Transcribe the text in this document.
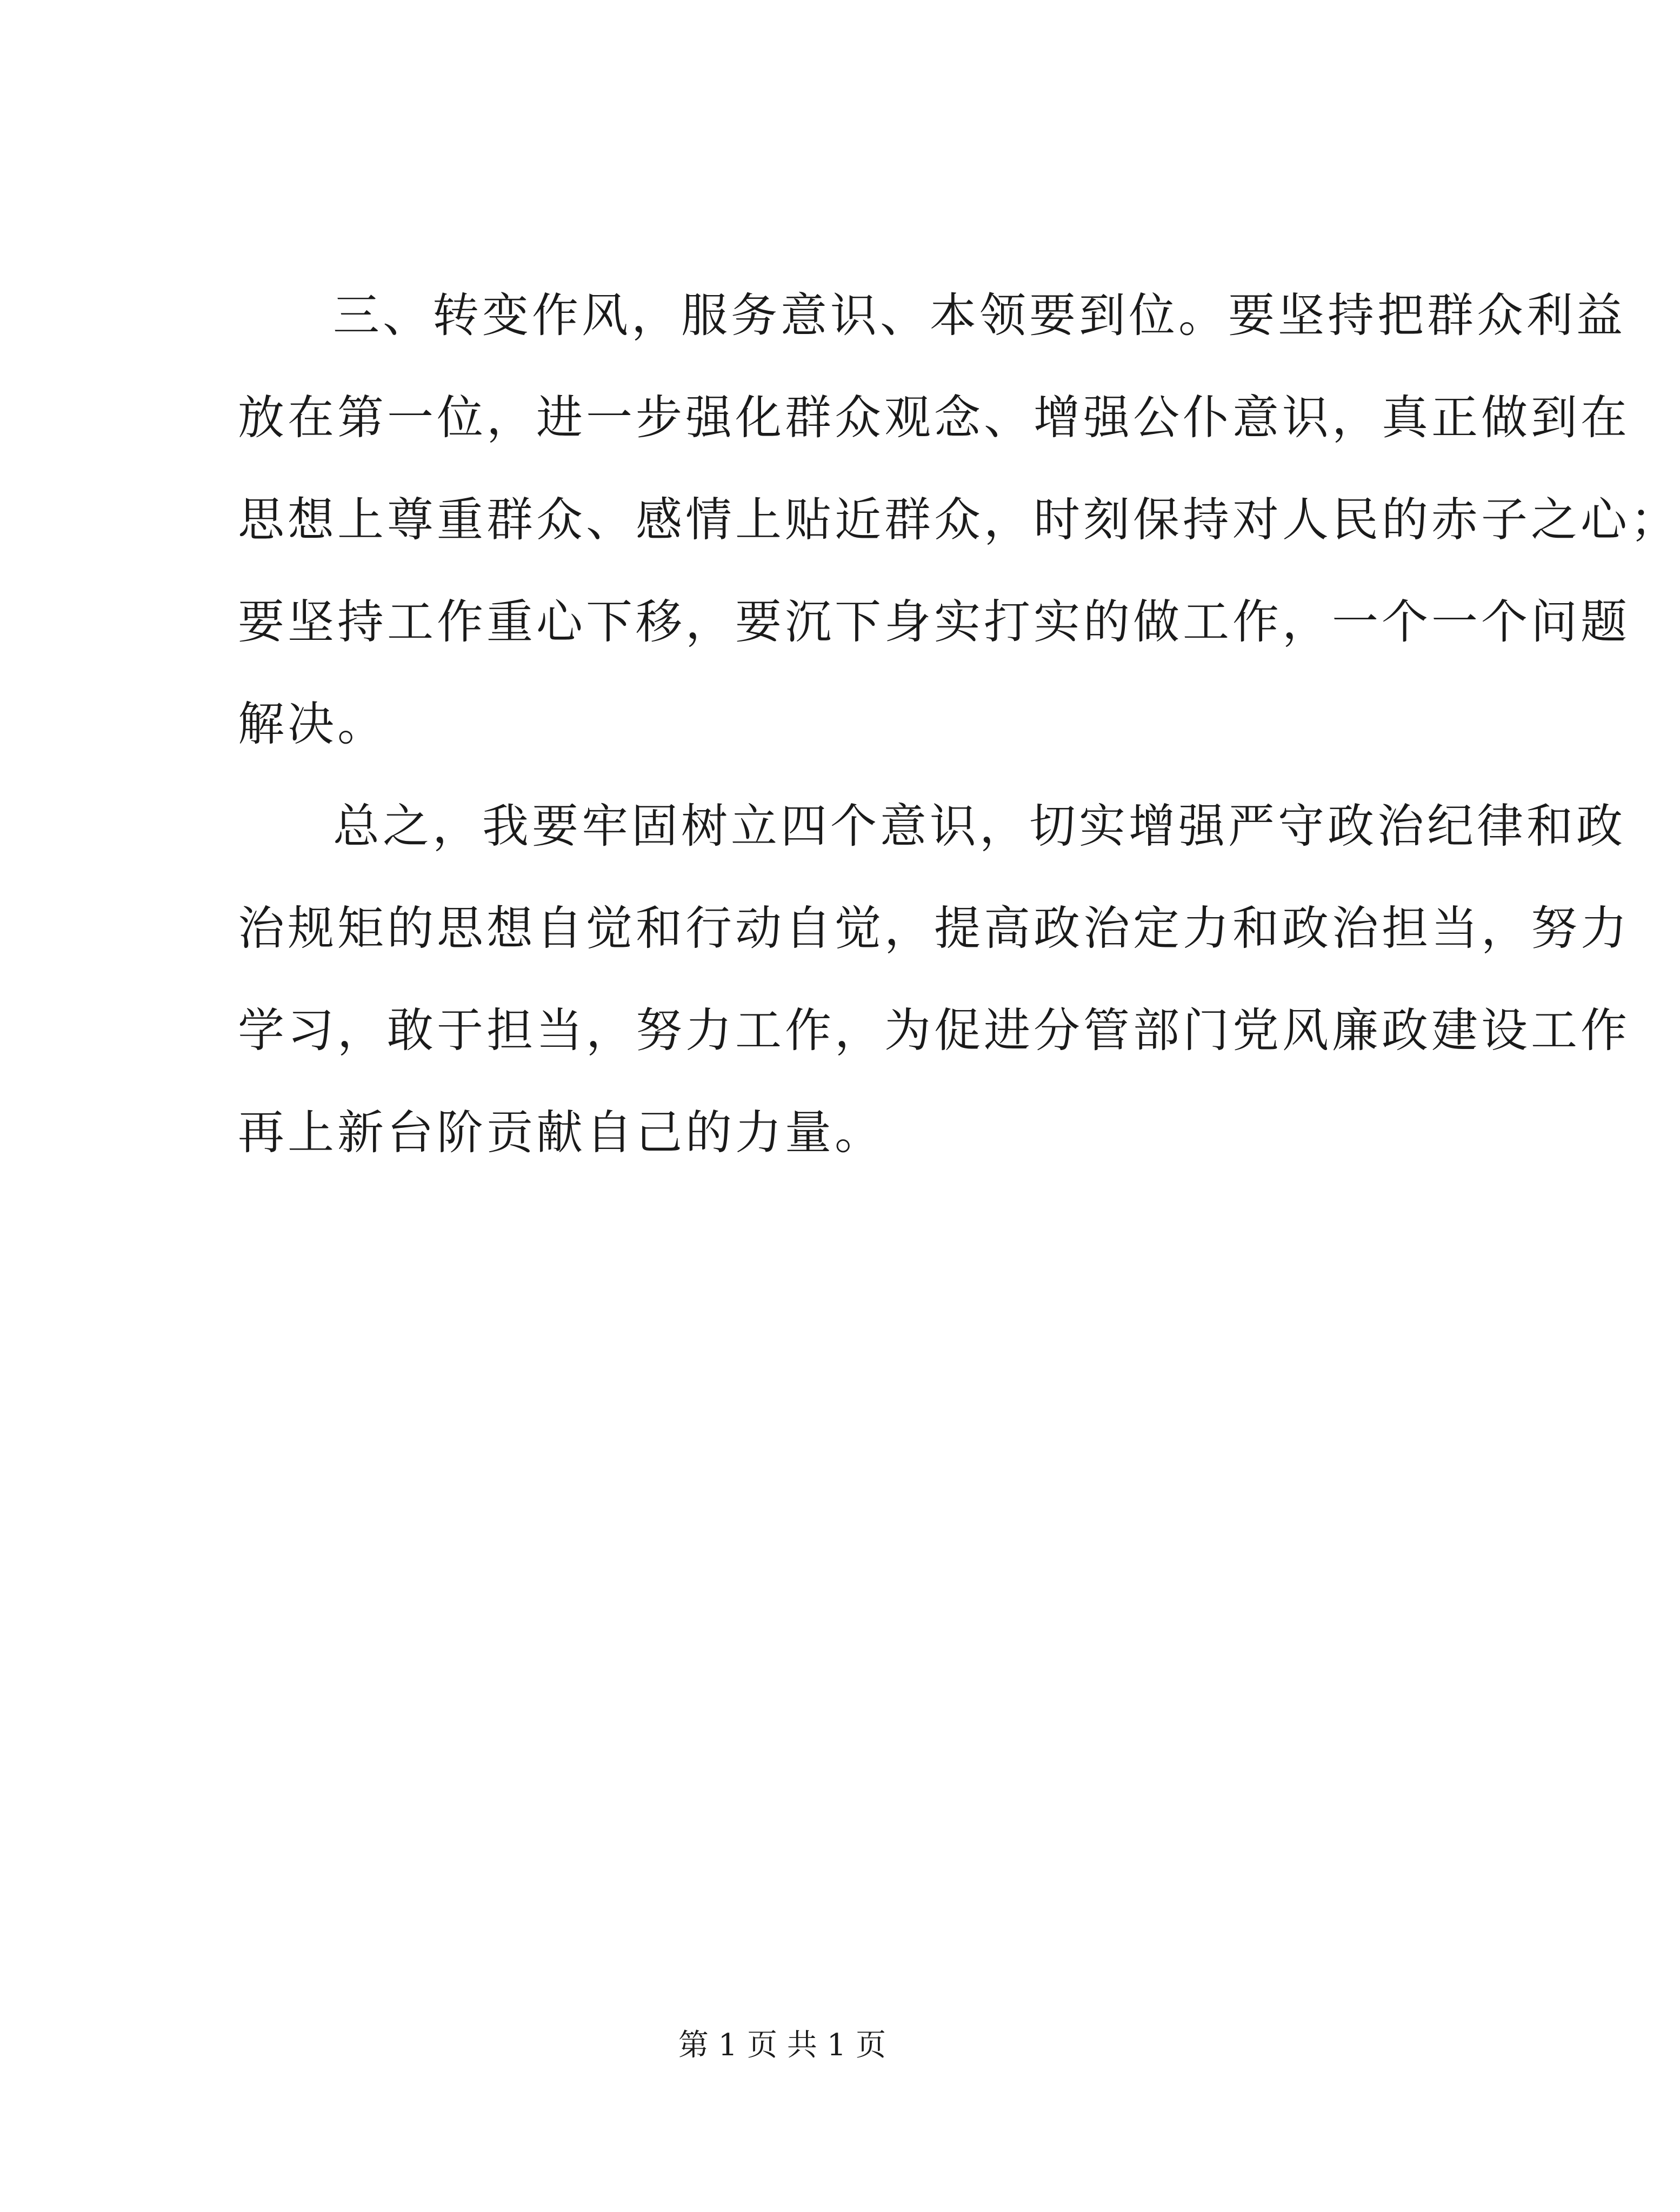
三、转变作风，服务意识、本领要到位。要坚持把群众利益
放在第一位，进一步强化群众观念、增强公仆意识，真正做到在
思想上尊重群众、感情上贴近群众，时刻保持对人民的赤子之心；
要坚持工作重心下移，要沉下身实打实的做工作，一个一个问题
解决。
总之，我要牢固树立四个意识，切实增强严守政治纪律和政
治规矩的思想自觉和行动自觉，提高政治定力和政治担当，努力
学习，敢于担当，努力工作，为促进分管部门党风廉政建设工作
再上新台阶贡献自己的力量。
第 1 页 共 1 页
